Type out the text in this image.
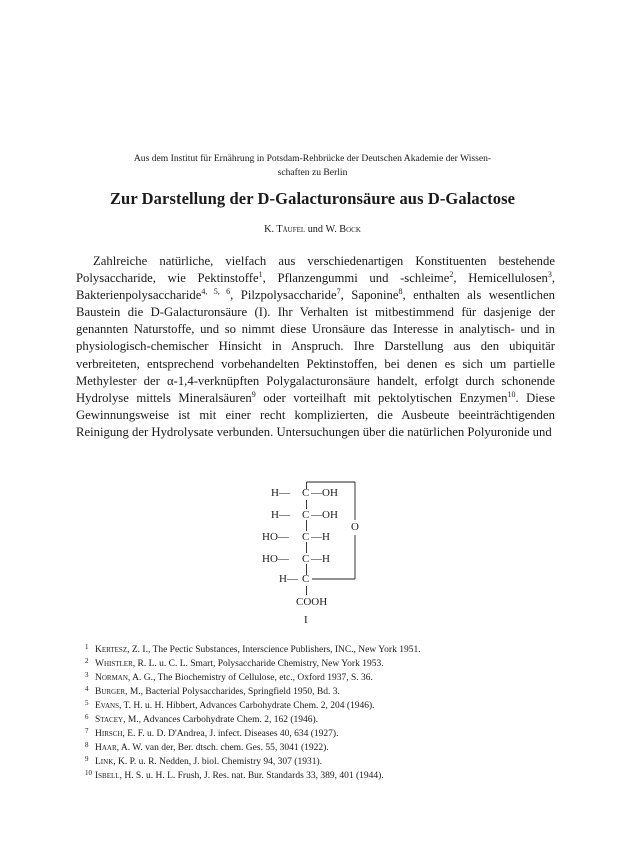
Aus dem Institut für Ernährung in Potsdam-Rehbrücke der Deutschen Akademie der Wissen-
schaften zu Berlin
Zur Darstellung der D-Galacturonsäure aus D-Galactose
K. Täufel und W. Bock

Zahlreiche natürliche, vielfach aus verschiedenartigen Konstituenten bestehende Polysaccharide, wie Pektinstoffe$^1$, Pflanzengummi und -schleime$^2$, Hemicellulosen$^3$, Bakterienpolysaccharide$^{4, 5, 6}$, Pilzpolysaccharide$^7$, Saponine$^8$, enthalten als wesentlichen Baustein die D-Galacturonsäure (I). Ihr Verhalten ist mitbestimmend für dasjenige der genannten Naturstoffe, und so nimmt diese Uronsäure das Interesse in analytisch- und in physiologisch-chemischer Hinsicht in Anspruch. Ihre Darstellung aus den ubiquitär verbreiteten, entsprechend vorbehandelten Pektinstoffen, bei denen es sich um partielle Methylester der α-1,4-verknüpften Polygalacturonsäure handelt, erfolgt durch schonende Hydrolyse mittels Mineralsäuren$^9$ oder vorteilhaft mit pektolytischen Enzymen$^{10}$. Diese Gewinnungsweise ist mit einer recht komplizierten, die Ausbeute beeinträchtigenden Reinigung der Hydrolysate verbunden. Untersuchungen über die natürlichen Polyuronide und

H— C —OH
H— C —OH
HO— C —H
HO— C —H
H— C
O
COOH
I
$^1$ Kertesz, Z. I., The Pectic Substances, Interscience Publishers, INC., New York 1951.
$^2$ Whistler, R. L. u. C. L. Smart, Polysaccharide Chemistry, New York 1953.
$^3$ Norman, A. G., The Biochemistry of Cellulose, etc., Oxford 1937, S. 36.
$^4$ Burger, M., Bacterial Polysaccharides, Springfield 1950, Bd. 3.
$^5$ Evans, T. H. u. H. Hibbert, Advances Carbohydrate Chem. 2, 204 (1946).
$^6$ Stacey, M., Advances Carbohydrate Chem. 2, 162 (1946).
$^7$ Hirsch, E. F. u. D. D'Andrea, J. infect. Diseases 40, 634 (1927).
$^8$ Haar, A. W. van der, Ber. dtsch. chem. Ges. 55, 3041 (1922).
$^9$ Link, K. P. u. R. Nedden, J. biol. Chemistry 94, 307 (1931).
$^{10}$ Isbell, H. S. u. H. L. Frush, J. Res. nat. Bur. Standards 33, 389, 401 (1944).
